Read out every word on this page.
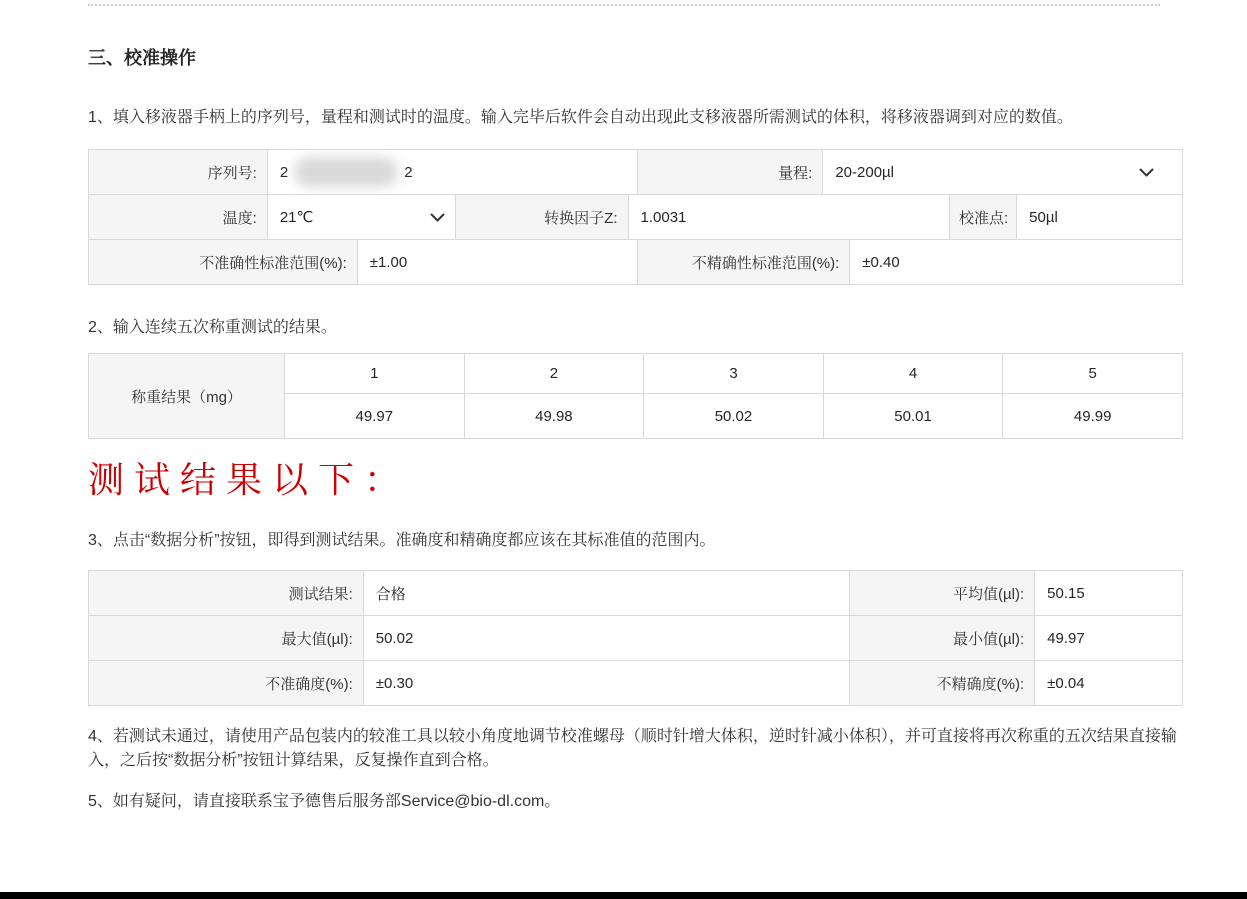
三、校准操作

1、填入移液器手柄上的序列号，量程和测试时的温度。输入完毕后软件会自动出现此支移液器所需测试的体积，将移液器调到对应的数值。

序列号:	2	2	量程:	20-200µl
温度:	21℃	转换因子Z:	1.0031	校准点:	50µl
不准确性标准范围(%):	±1.00	不精确性标准范围(%):	±0.40

2、输入连续五次称重测试的结果。

称重结果（mg）
1	2	3	4	5
49.97	49.98	50.02	50.01	49.99
测试结果以下：

3、点击“数据分析”按钮，即得到测试结果。准确度和精确度都应该在其标准值的范围内。

测试结果:	合格	平均值(µl):	50.15
最大值(µl):	50.02	最小值(µl):	49.97
不准确度(%):	±0.30	不精确度(%):	±0.04

4、若测试未通过，请使用产品包装内的较准工具以较小角度地调节校准螺母（顺时针增大体积，逆时针减小体积），并可直接将再次称重的五次结果直接输入，之后按“数据分析”按钮计算结果，反复操作直到合格。

5、如有疑问，请直接联系宝予德售后服务部Service@bio-dl.com。
